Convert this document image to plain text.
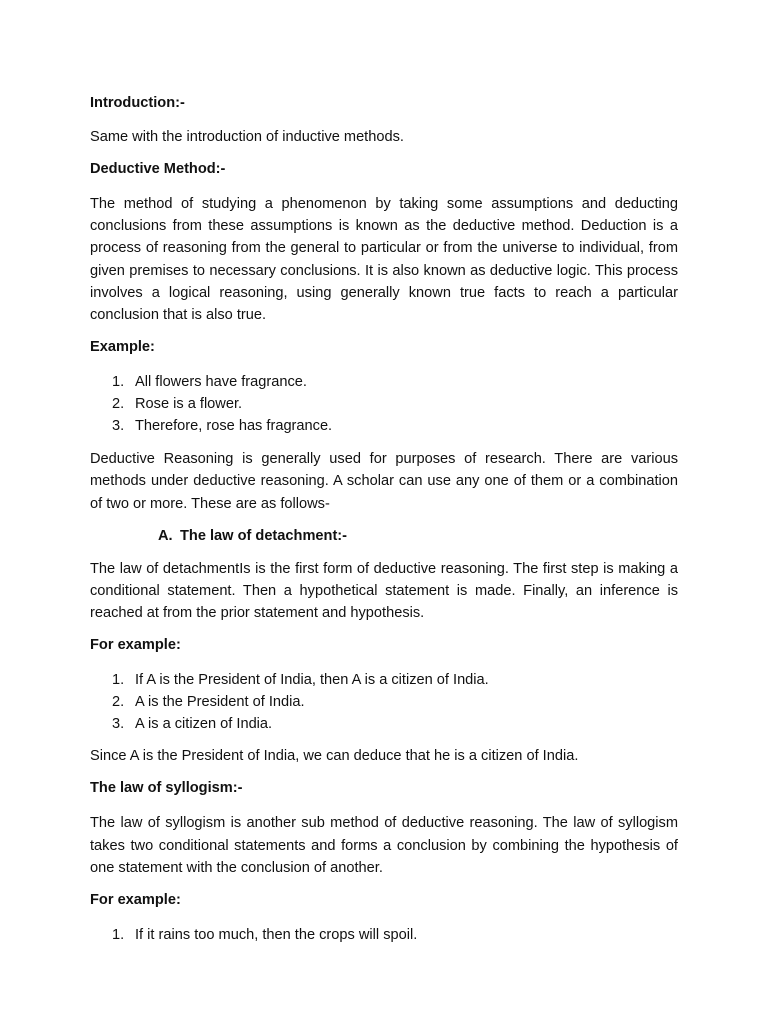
Introduction:-

Same with the introduction of inductive methods.

Deductive Method:-

The method of studying a phenomenon by taking some assumptions and deducting conclusions from these assumptions is known as the deductive method. Deduction is a process of reasoning from the general to particular or from the universe to individual, from given premises to necessary conclusions. It is also known as deductive logic. This process involves a logical reasoning, using generally known true facts to reach a particular conclusion that is also true.

Example:

1. All flowers have fragrance.
2. Rose is a flower.
3. Therefore, rose has fragrance.

Deductive Reasoning is generally used for purposes of research. There are various methods under deductive reasoning. A scholar can use any one of them or a combination of two or more. These are as follows-

A. The law of detachment:-

The law of detachmentIs is the first form of deductive reasoning. The first step is making a conditional statement. Then a hypothetical statement is made. Finally, an inference is reached at from the prior statement and hypothesis.

For example:

1. If A is the President of India, then A is a citizen of India.
2. A is the President of India.
3. A is a citizen of India.

Since A is the President of India, we can deduce that he is a citizen of India.

The law of syllogism:-

The law of syllogism is another sub method of deductive reasoning. The law of syllogism takes two conditional statements and forms a conclusion by combining the hypothesis of one statement with the conclusion of another.

For example:

1. If it rains too much, then the crops will spoil.
